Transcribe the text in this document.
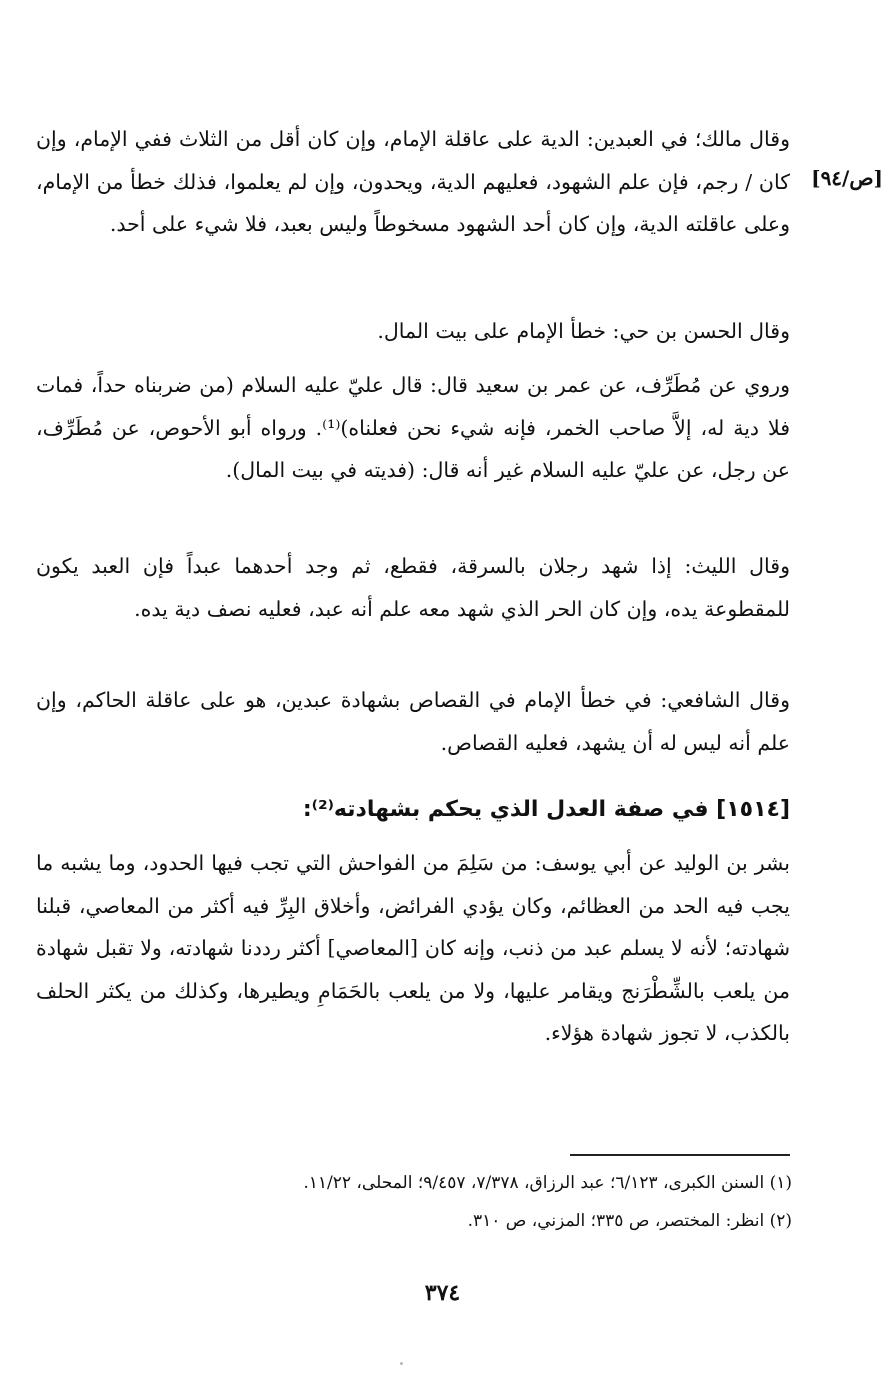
[ص/٩٤]

وقال مالك؛ في العبدين: الدية على عاقلة الإمام، وإن كان أقل من الثلاث ففي الإمام، وإن كان / رجم، فإن علم الشهود، فعليهم الدية، ويحدون، وإن لم يعلموا، فذلك خطأ من الإمام، وعلى عاقلته الدية، وإن كان أحد الشهود مسخوطاً وليس بعبد، فلا شيء على أحد.

وقال الحسن بن حي: خطأ الإمام على بيت المال.

وروي عن مُطَرِّف، عن عمر بن سعيد قال: قال عليّ عليه السلام (من ضربناه حداً، فمات فلا دية له، إلاَّ صاحب الخمر، فإنه شيء نحن فعلناه)⁽¹⁾. ورواه أبو الأحوص، عن مُطَرِّف، عن رجل، عن عليّ عليه السلام غير أنه قال: (فديته في بيت المال).

وقال الليث: إذا شهد رجلان بالسرقة، فقطع، ثم وجد أحدهما عبداً فإن العبد يكون للمقطوعة يده، وإن كان الحر الذي شهد معه علم أنه عبد، فعليه نصف دية يده.

وقال الشافعي: في خطأ الإمام في القصاص بشهادة عبدين، هو على عاقلة الحاكم، وإن علم أنه ليس له أن يشهد، فعليه القصاص.

[١٥١٤] في صفة العدل الذي يحكم بشهادته⁽²⁾:

بشر بن الوليد عن أبي يوسف: من سَلِمَ من الفواحش التي تجب فيها الحدود، وما يشبه ما يجب فيه الحد من العظائم، وكان يؤدي الفرائض، وأخلاق البِرِّ فيه أكثر من المعاصي، قبلنا شهادته؛ لأنه لا يسلم عبد من ذنب، وإنه كان [المعاصي] أكثر رددنا شهادته، ولا تقبل شهادة من يلعب بالشِّطْرَنج ويقامر عليها، ولا من يلعب بالحَمَامِ ويطيرها، وكذلك من يكثر الحلف بالكذب، لا تجوز شهادة هؤلاء.

(١) السنن الكبرى، ٦/١٢٣؛ عبد الرزاق، ٧/٣٧٨، ٩/٤٥٧؛ المحلى، ١١/٢٢.

(٢) انظر: المختصر، ص ٣٣٥؛ المزني، ص ٣١٠.

٣٧٤
